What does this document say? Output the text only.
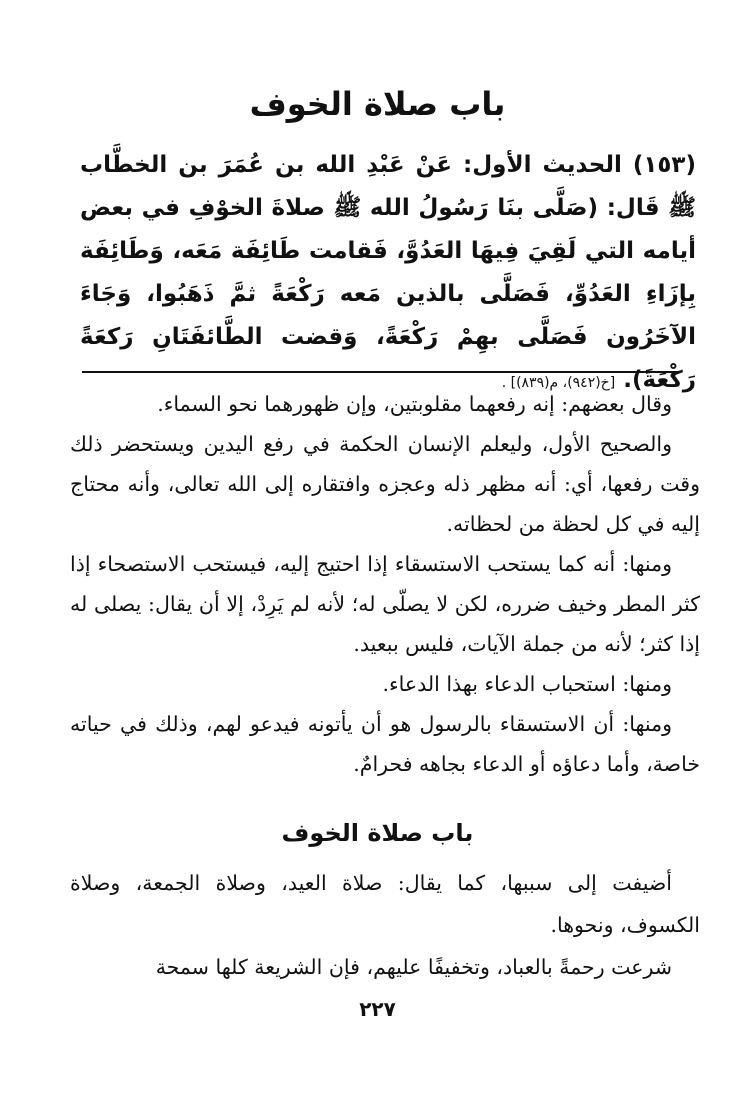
باب صلاة الخوف

(١٥٣) الحديث الأول: عَنْ عَبْدِ الله بن عُمَرَ بن الخطَّاب ﷺ قَال: (صَلَّى بنَا رَسُولُ الله ﷺ صلاةَ الخوْفِ في بعض أيامه التي لَقِيَ فِيهَا العَدُوَّ، فَقامت طَائِفَة مَعَه، وَطَائِفَة بِإزَاءِ العَدُوِّ، فَصَلَّى بالذين مَعه رَكْعَةً ثمَّ ذَهَبُوا، وَجَاءَ الآخَرُون فَصَلَّى بهِمْ رَكْعَةً، وَقضت الطَّائفَتَانِ رَكعَةً رَكْعَةً). [خ(٩٤٢)، م(٨٣٩)] .

وقال بعضهم: إنه رفعهما مقلوبتين، وإن ظهورهما نحو السماء.

والصحيح الأول، وليعلم الإنسان الحكمة في رفع اليدين ويستحضر ذلك وقت رفعها، أي: أنه مظهر ذله وعجزه وافتقاره إلى الله تعالى، وأنه محتاج إليه في كل لحظة من لحظاته.

ومنها: أنه كما يستحب الاستسقاء إذا احتيج إليه، فيستحب الاستصحاء إذا كثر المطر وخيف ضرره، لكن لا يصلّى له؛ لأنه لم يَرِدْ، إلا أن يقال: يصلى له إذا كثر؛ لأنه من جملة الآيات، فليس ببعيد.

ومنها: استحباب الدعاء بهذا الدعاء.

ومنها: أن الاستسقاء بالرسول هو أن يأتونه فيدعو لهم، وذلك في حياته خاصة، وأما دعاؤه أو الدعاء بجاهه فحرامٌ.

باب صلاة الخوف

أضيفت إلى سببها، كما يقال: صلاة العيد، وصلاة الجمعة، وصلاة الكسوف، ونحوها.

شرعت رحمةً بالعباد، وتخفيفًا عليهم، فإن الشريعة كلها سمحة

٢٢٧
